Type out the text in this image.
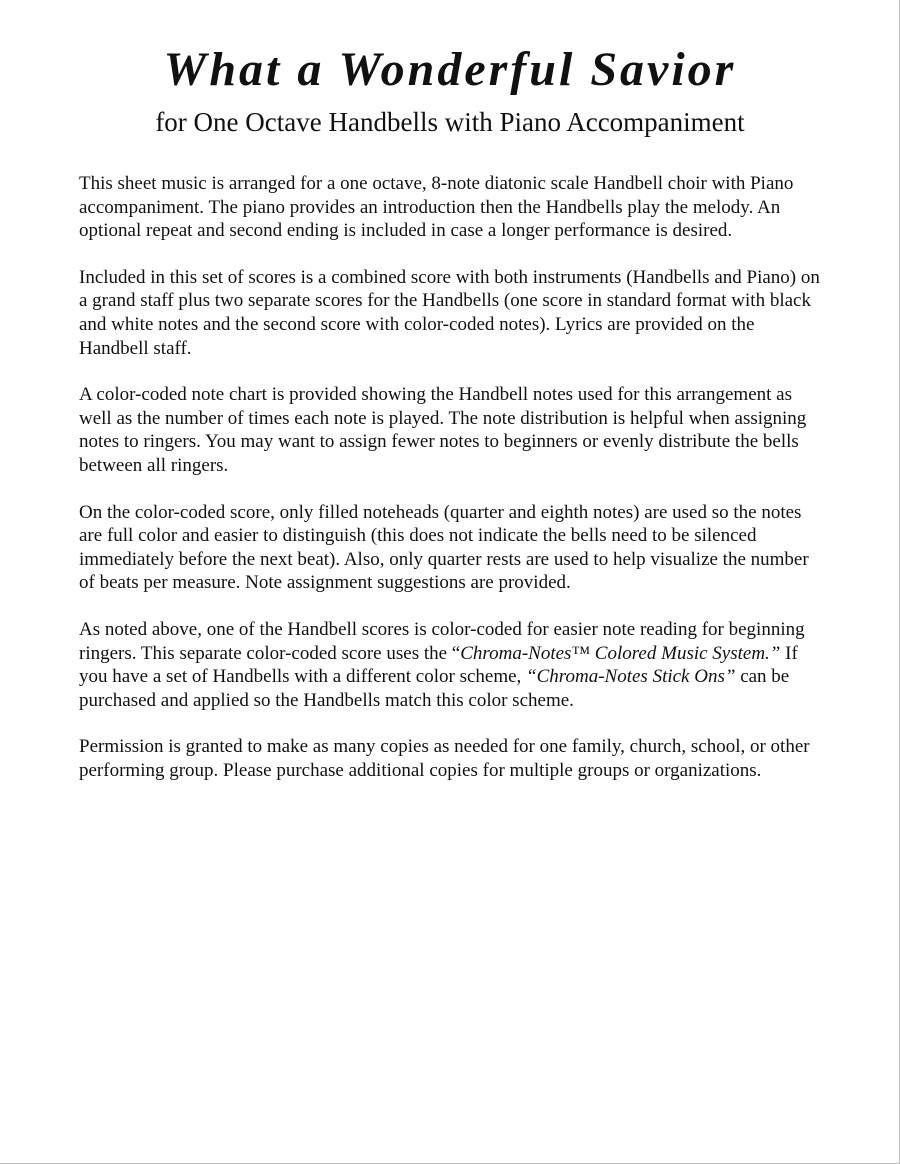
What a Wonderful Savior
for One Octave Handbells with Piano Accompaniment

This sheet music is arranged for a one octave, 8-note diatonic scale Handbell choir with Piano accompaniment. The piano provides an introduction then the Handbells play the melody. An optional repeat and second ending is included in case a longer performance is desired.

Included in this set of scores is a combined score with both instruments (Handbells and Piano) on a grand staff plus two separate scores for the Handbells (one score in standard format with black and white notes and the second score with color-coded notes). Lyrics are provided on the Handbell staff.

A color-coded note chart is provided showing the Handbell notes used for this arrangement as well as the number of times each note is played. The note distribution is helpful when assigning notes to ringers. You may want to assign fewer notes to beginners or evenly distribute the bells between all ringers.

On the color-coded score, only filled noteheads (quarter and eighth notes) are used so the notes are full color and easier to distinguish (this does not indicate the bells need to be silenced immediately before the next beat). Also, only quarter rests are used to help visualize the number of beats per measure. Note assignment suggestions are provided.

As noted above, one of the Handbell scores is color-coded for easier note reading for beginning ringers. This separate color-coded score uses the “Chroma-Notes™ Colored Music System.” If you have a set of Handbells with a different color scheme, “Chroma-Notes Stick Ons” can be purchased and applied so the Handbells match this color scheme.

Permission is granted to make as many copies as needed for one family, church, school, or other performing group. Please purchase additional copies for multiple groups or organizations.
